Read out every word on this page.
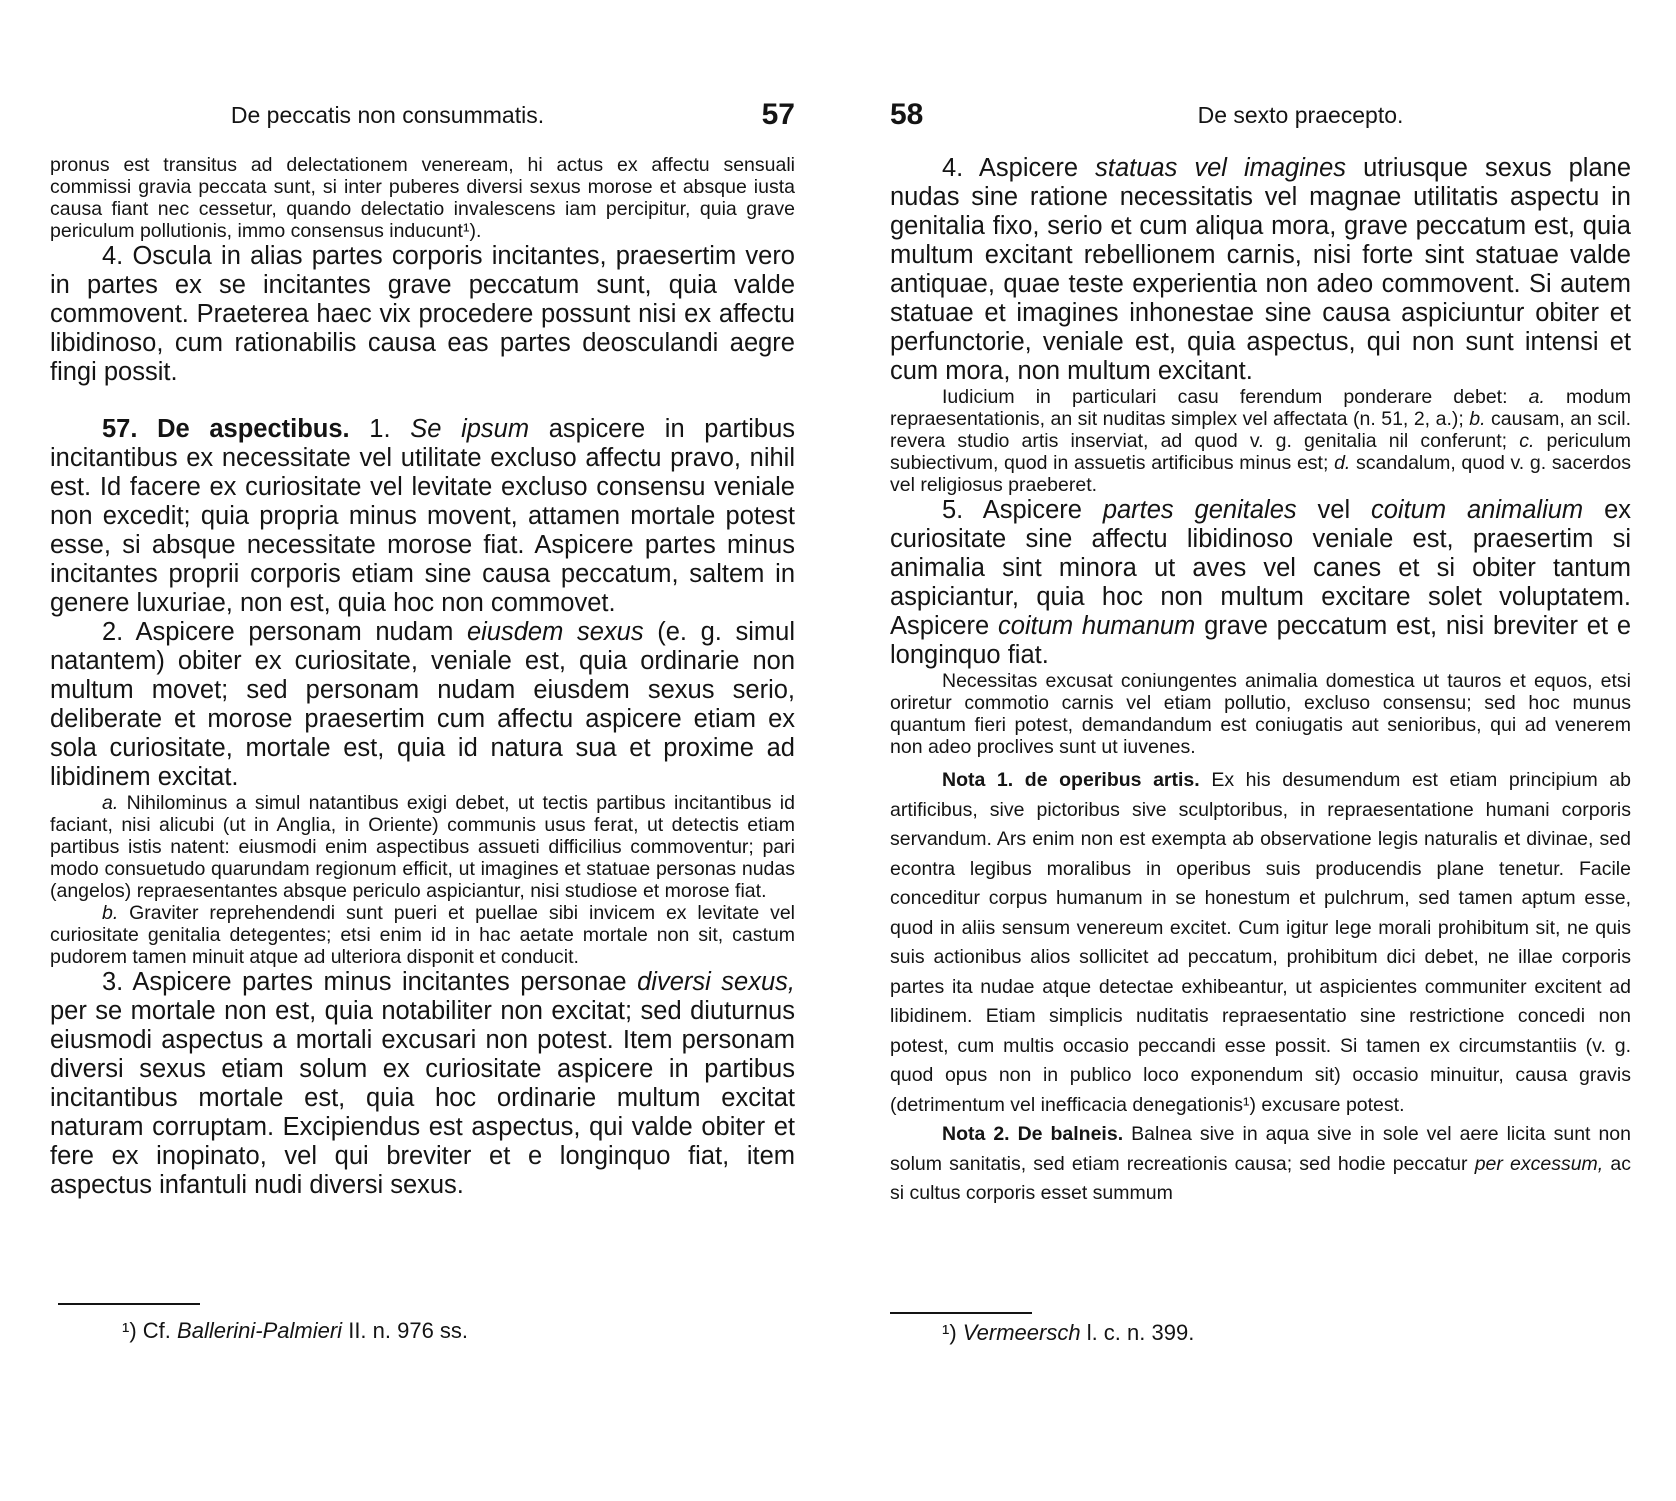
De peccatis non consummatis.	57

pronus est transitus ad delectationem veneream, hi actus ex affectu sensuali commissi gravia peccata sunt, si inter puberes diversi sexus morose et absque iusta causa fiant nec cessetur, quando delectatio invalescens iam percipitur, quia grave periculum pollutionis, immo consensus inducunt¹).

4. Oscula in alias partes corporis incitantes, praesertim vero in partes ex se incitantes grave peccatum sunt, quia valde commovent. Praeterea haec vix procedere possunt nisi ex affectu libidinoso, cum rationabilis causa eas partes deosculandi aegre fingi possit.

57. De aspectibus. 1. Se ipsum aspicere in partibus incitantibus ex necessitate vel utilitate excluso affectu pravo, nihil est. Id facere ex curiositate vel levitate excluso consensu veniale non excedit; quia propria minus movent, attamen mortale potest esse, si absque necessitate morose fiat. Aspicere partes minus incitantes proprii corporis etiam sine causa peccatum, saltem in genere luxuriae, non est, quia hoc non commovet.

2. Aspicere personam nudam eiusdem sexus (e. g. simul natantem) obiter ex curiositate, veniale est, quia ordinarie non multum movet; sed personam nudam eiusdem sexus serio, deliberate et morose praesertim cum affectu aspicere etiam ex sola curiositate, mortale est, quia id natura sua et proxime ad libidinem excitat.

a. Nihilominus a simul natantibus exigi debet, ut tectis partibus incitantibus id faciant, nisi alicubi (ut in Anglia, in Oriente) communis usus ferat, ut detectis etiam partibus istis natent: eiusmodi enim aspectibus assueti difficilius commoventur; pari modo consuetudo quarundam regionum efficit, ut imagines et statuae personas nudas (angelos) repraesentantes absque periculo aspiciantur, nisi studiose et morose fiat.

b. Graviter reprehendendi sunt pueri et puellae sibi invicem ex levitate vel curiositate genitalia detegentes; etsi enim id in hac aetate mortale non sit, castum pudorem tamen minuit atque ad ulteriora disponit et conducit.

3. Aspicere partes minus incitantes personae diversi sexus, per se mortale non est, quia notabiliter non excitat; sed diuturnus eiusmodi aspectus a mortali excusari non potest. Item personam diversi sexus etiam solum ex curiositate aspicere in partibus incitantibus mortale est, quia hoc ordinarie multum excitat naturam corruptam. Excipiendus est aspectus, qui valde obiter et fere ex inopinato, vel qui breviter et e longinquo fiat, item aspectus infantuli nudi diversi sexus.

¹) Cf. Ballerini-Palmieri II. n. 976 ss.
58	De sexto praecepto.

4. Aspicere statuas vel imagines utriusque sexus plane nudas sine ratione necessitatis vel magnae utilitatis aspectu in genitalia fixo, serio et cum aliqua mora, grave peccatum est, quia multum excitant rebellionem carnis, nisi forte sint statuae valde antiquae, quae teste experientia non adeo commovent. Si autem statuae et imagines inhonestae sine causa aspiciuntur obiter et perfunctorie, veniale est, quia aspectus, qui non sunt intensi et cum mora, non multum excitant.

Iudicium in particulari casu ferendum ponderare debet: a. modum repraesentationis, an sit nuditas simplex vel affectata (n. 51, 2, a.); b. causam, an scil. revera studio artis inserviat, ad quod v. g. genitalia nil conferunt; c. periculum subiectivum, quod in assuetis artificibus minus est; d. scandalum, quod v. g. sacerdos vel religiosus praeberet.

5. Aspicere partes genitales vel coitum animalium ex curiositate sine affectu libidinoso veniale est, praesertim si animalia sint minora ut aves vel canes et si obiter tantum aspiciantur, quia hoc non multum excitare solet voluptatem. Aspicere coitum humanum grave peccatum est, nisi breviter et e longinquo fiat.

Necessitas excusat coniungentes animalia domestica ut tauros et equos, etsi oriretur commotio carnis vel etiam pollutio, excluso consensu; sed hoc munus quantum fieri potest, demandandum est coniugatis aut senioribus, qui ad venerem non adeo proclives sunt ut iuvenes.

Nota 1. de operibus artis. Ex his desumendum est etiam principium ab artificibus, sive pictoribus sive sculptoribus, in repraesentatione humani corporis servandum. Ars enim non est exempta ab observatione legis naturalis et divinae, sed econtra legibus moralibus in operibus suis producendis plane tenetur. Facile conceditur corpus humanum in se honestum et pulchrum, sed tamen aptum esse, quod in aliis sensum venereum excitet. Cum igitur lege morali prohibitum sit, ne quis suis actionibus alios sollicitet ad peccatum, prohibitum dici debet, ne illae corporis partes ita nudae atque detectae exhibeantur, ut aspicientes communiter excitent ad libidinem. Etiam simplicis nuditatis repraesentatio sine restrictione concedi non potest, cum multis occasio peccandi esse possit. Si tamen ex circumstantiis (v. g. quod opus non in publico loco exponendum sit) occasio minuitur, causa gravis (detrimentum vel inefficacia denegationis¹) excusare potest.

Nota 2. De balneis. Balnea sive in aqua sive in sole vel aere licita sunt non solum sanitatis, sed etiam recreationis causa; sed hodie peccatur per excessum, ac si cultus corporis esset summum

¹) Vermeersch l. c. n. 399.
